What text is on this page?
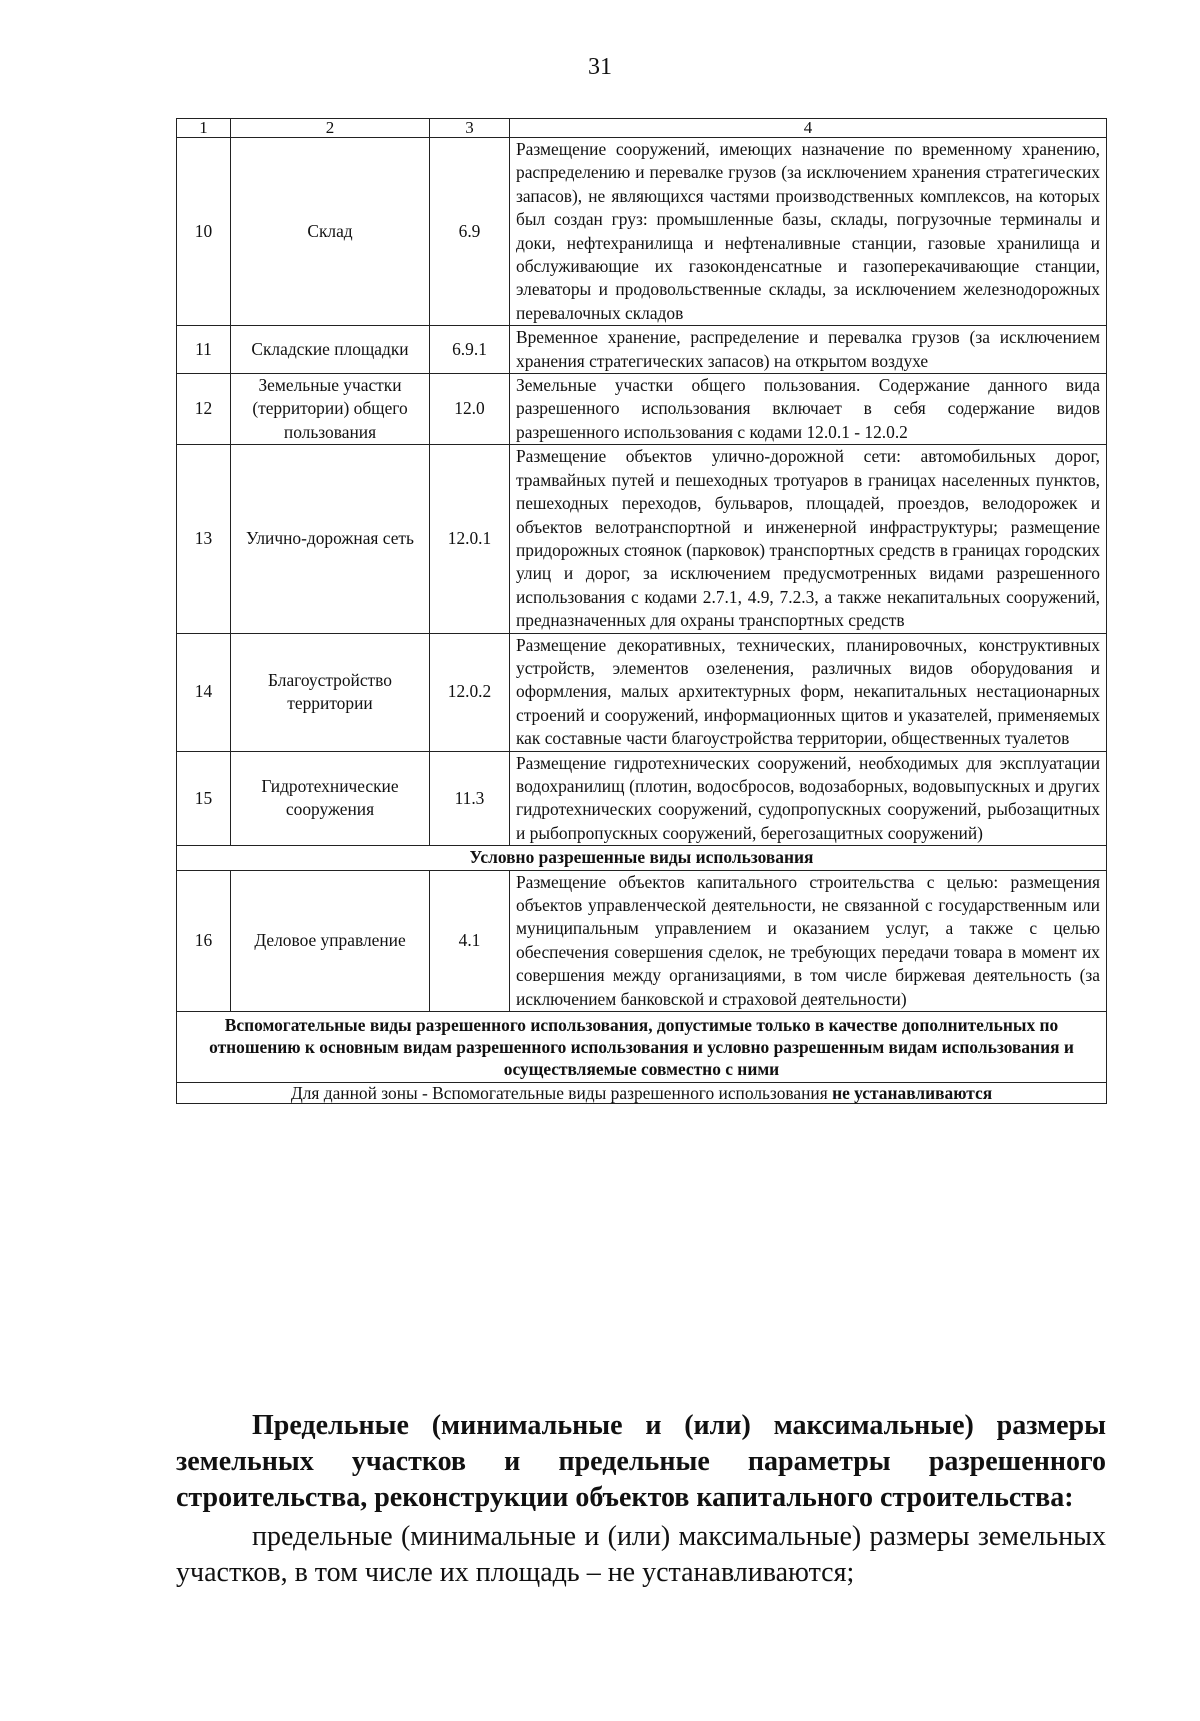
31
1	2	3	4
10	Склад	6.9	Размещение сооружений, имеющих назначение по временному хранению, распределению и перевалке грузов (за исключением хранения стратегических запасов), не являющихся частями производственных комплексов, на которых был создан груз: промышленные базы, склады, погрузочные терминалы и доки, нефтехранилища и нефтеналивные станции, газовые хранилища и обслуживающие их газоконденсатные и газоперекачивающие станции, элеваторы и продовольственные склады, за исключением железнодорожных перевалочных складов
11	Складские площадки	6.9.1	Временное хранение, распределение и перевалка грузов (за исключением хранения стратегических запасов) на открытом воздухе
12	Земельные участки (территории) общего пользования	12.0	Земельные участки общего пользования. Содержание данного вида разрешенного использования включает в себя содержание видов разрешенного использования с кодами 12.0.1 - 12.0.2
13	Улично-дорожная сеть	12.0.1	Размещение объектов улично-дорожной сети: автомобильных дорог, трамвайных путей и пешеходных тротуаров в границах населенных пунктов, пешеходных переходов, бульваров, площадей, проездов, велодорожек и объектов велотранспортной и инженерной инфраструктуры; размещение придорожных стоянок (парковок) транспортных средств в границах городских улиц и дорог, за исключением предусмотренных видами разрешенного использования с кодами 2.7.1, 4.9, 7.2.3, а также некапитальных сооружений, предназначенных для охраны транспортных средств
14	Благоустройство территории	12.0.2	Размещение декоративных, технических, планировочных, конструктивных устройств, элементов озеленения, различных видов оборудования и оформления, малых архитектурных форм, некапитальных нестационарных строений и сооружений, информационных щитов и указателей, применяемых как составные части благоустройства территории, общественных туалетов
15	Гидротехнические сооружения	11.3	Размещение гидротехнических сооружений, необходимых для эксплуатации водохранилищ (плотин, водосбросов, водозаборных, водовыпускных и других гидротехнических сооружений, судопропускных сооружений, рыбозащитных и рыбопропускных сооружений, берегозащитных сооружений)
Условно разрешенные виды использования			
16	Деловое управление	4.1	Размещение объектов капитального строительства с целью: размещения объектов управленческой деятельности, не связанной с государственным или муниципальным управлением и оказанием услуг, а также с целью обеспечения совершения сделок, не требующих передачи товара в момент их совершения между организациями, в том числе биржевая деятельность (за исключением банковской и страховой деятельности)
Вспомогательные виды разрешенного использования, допустимые только в качестве дополнительных по отношению к основным видам разрешенного использования и условно разрешенным видам использования и осуществляемые совместно с ними			
Для данной зоны - Вспомогательные виды разрешенного использования не устанавливаются			
Предельные (минимальные и (или) максимальные) размеры земельных участков и предельные параметры разрешенного строительства, реконструкции объектов капитального строительства:
предельные (минимальные и (или) максимальные) размеры земельных участков, в том числе их площадь – не устанавливаются;
